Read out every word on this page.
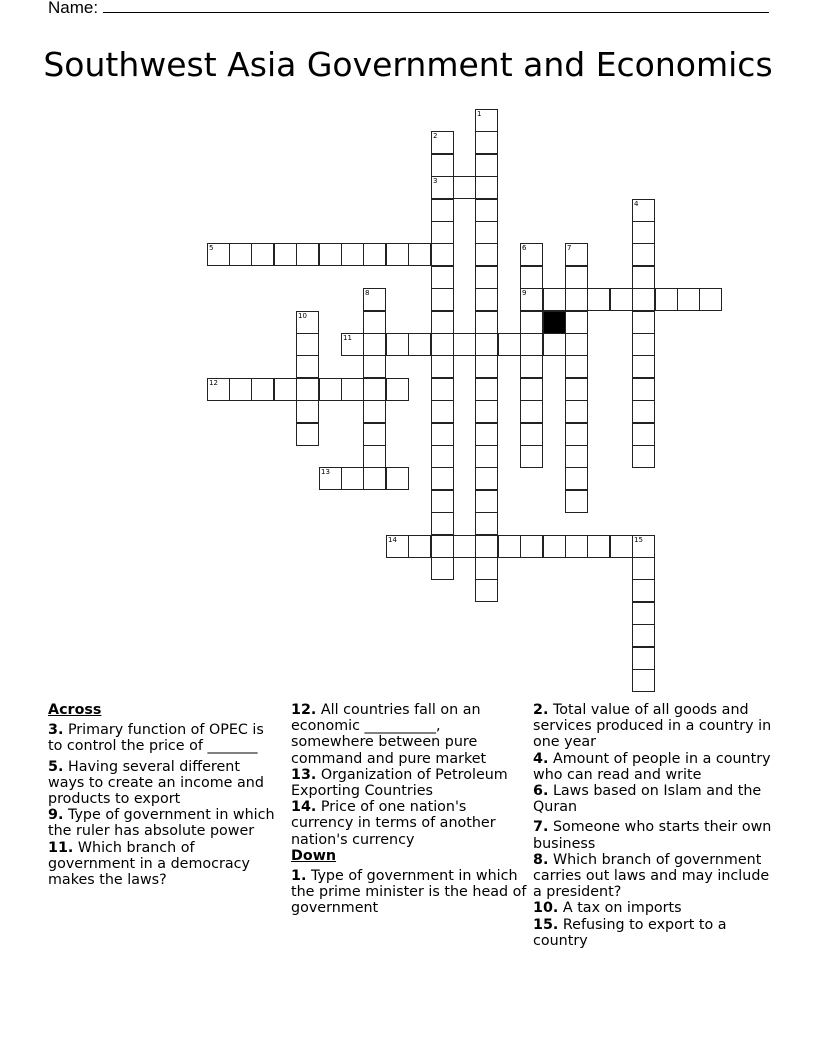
Name:
Southwest Asia Government and Economics
1
2
3
4
5	6
9
7
8
10
11
12
13
14	15
Across
3. Primary function of OPEC is to control the price of _______
5. Having several different ways to create an income and products to export
9. Type of government in which the ruler has absolute power
11. Which branch of government in a democracy makes the laws?
12. All countries fall on an economic __________, somewhere between pure command and pure market
13. Organization of Petroleum Exporting Countries
14. Price of one nation's currency in terms of another nation's currency
Down
1. Type of government in which the prime minister is the head of government
2. Total value of all goods and services produced in a country in one year
4. Amount of people in a country who can read and write
6. Laws based on Islam and the Quran
7. Someone who starts their own business
8. Which branch of government carries out laws and may include a president?
10. A tax on imports
15. Refusing to export to a country
